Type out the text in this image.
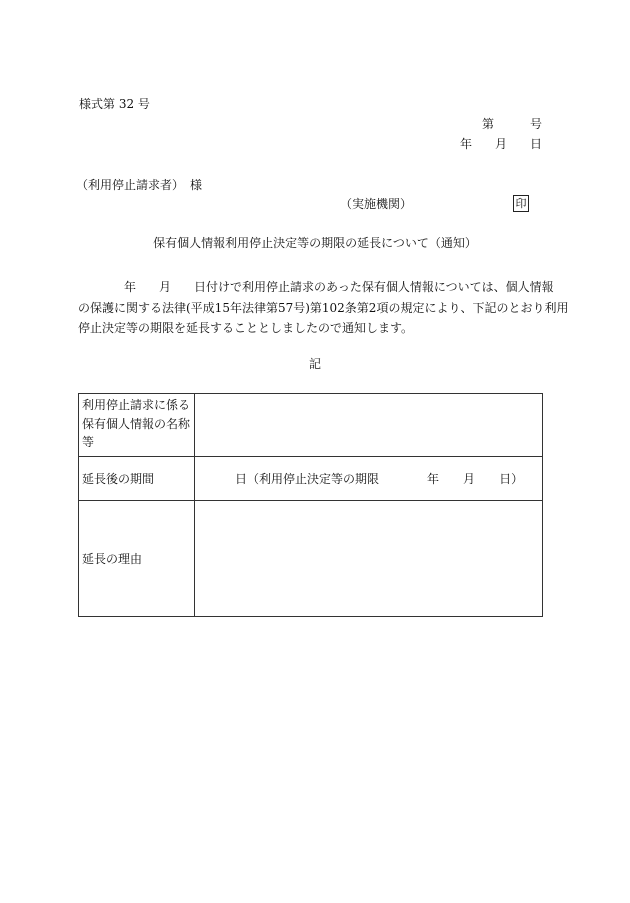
様式第 32 号
第	号
年 月 日
（利用停止請求者）　様
（実施機関）	印
保有個人情報利用停止決定等の期限の延長について（通知）
年 月 日付けで利用停止請求のあった保有個人情報については、個人情報
の保護に関する法律(平成15年法律第57号)第102条第2項の規定により、下記のとおり利用
停止決定等の期限を延長することとしましたので通知します。
記
利用停止請求に係る
保有個人情報の名称
等	

延長後の期間	日（利用停止決定等の期限 年 月 日）
延長の理由	
